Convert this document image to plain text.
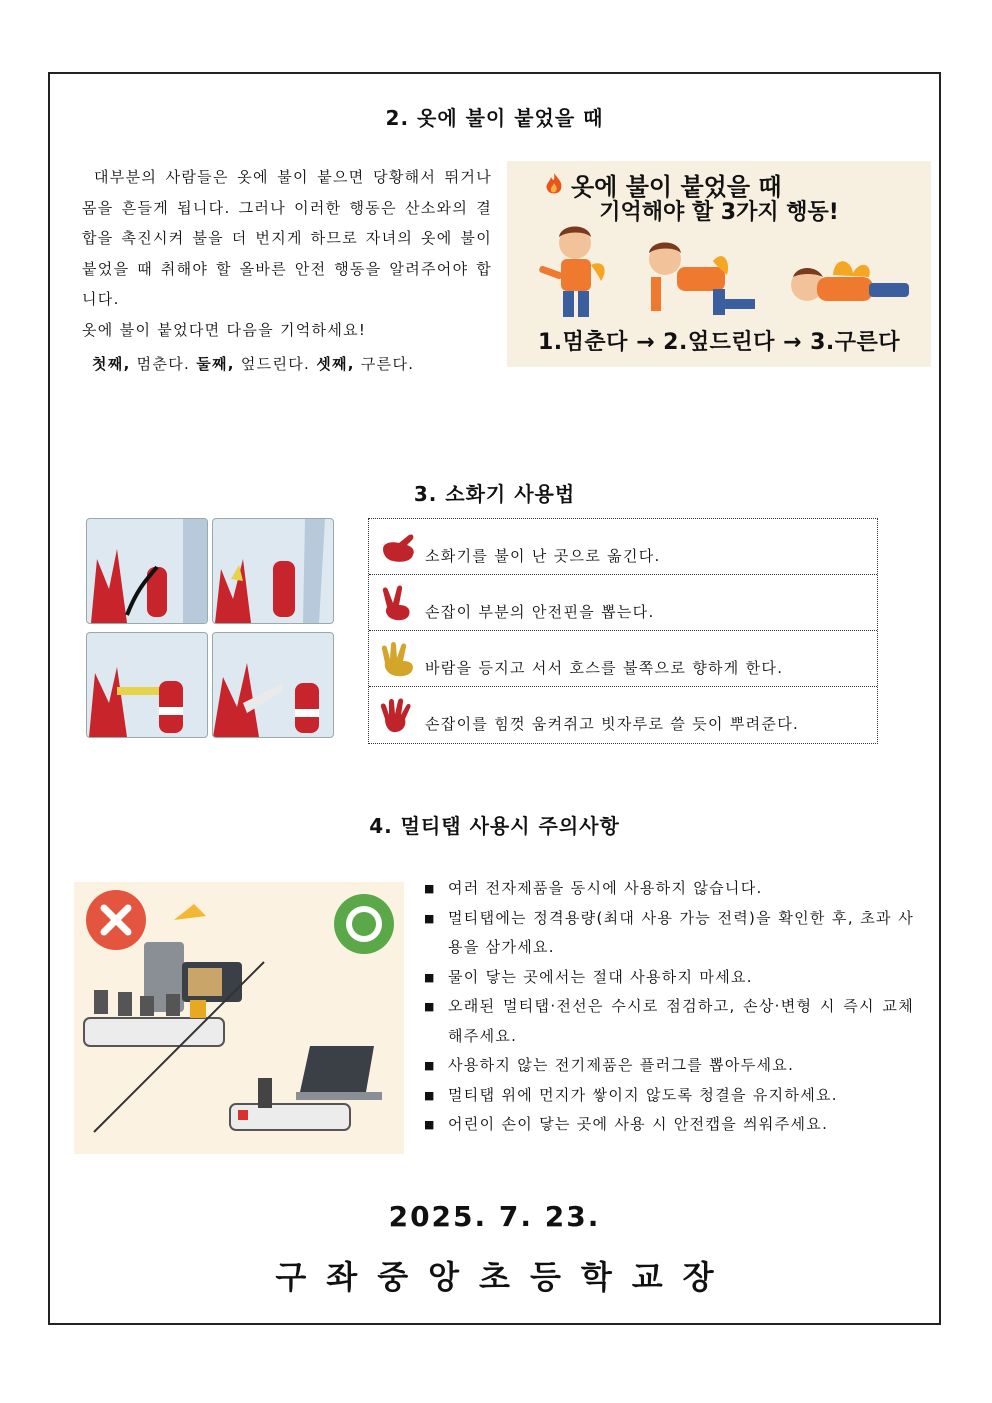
2. 옷에 불이 붙었을 때

대부분의 사람들은 옷에 불이 붙으면 당황해서 뛰거나 몸을 흔들게 됩니다. 그러나 이러한 행동은 산소와의 결합을 촉진시켜 불을 더 번지게 하므로 자녀의 옷에 불이 붙었을 때 취해야 할 올바른 안전 행동을 알려주어야 합니다.

옷에 불이 붙었다면 다음을 기억하세요!

첫째, 멈춘다. 둘째, 엎드린다. 셋째, 구른다.

옷에 불이 붙었을 때
기억해야 할 3가지 행동!
1.멈춘다 → 2.엎드린다 → 3.구른다
3. 소화기 사용법
소화기를 불이 난 곳으로 옮긴다.
손잡이 부분의 안전핀을 뽑는다.
바람을 등지고 서서 호스를 불쪽으로 향하게 한다.
손잡이를 힘껏 움켜쥐고 빗자루로 쓸 듯이 뿌려준다.
4. 멀티탭 사용시 주의사항
■ 여러 전자제품을 동시에 사용하지 않습니다.
■ 멀티탭에는 정격용량(최대 사용 가능 전력)을 확인한 후, 초과 사용을 삼가세요.
■ 물이 닿는 곳에서는 절대 사용하지 마세요.
■ 오래된 멀티탭·전선은 수시로 점검하고, 손상·변형 시 즉시 교체해주세요.
■ 사용하지 않는 전기제품은 플러그를 뽑아두세요.
■ 멀티탭 위에 먼지가 쌓이지 않도록 청결을 유지하세요.
■ 어린이 손이 닿는 곳에 사용 시 안전캡을 씌워주세요.
2025. 7. 23.
구좌중앙초등학교장
